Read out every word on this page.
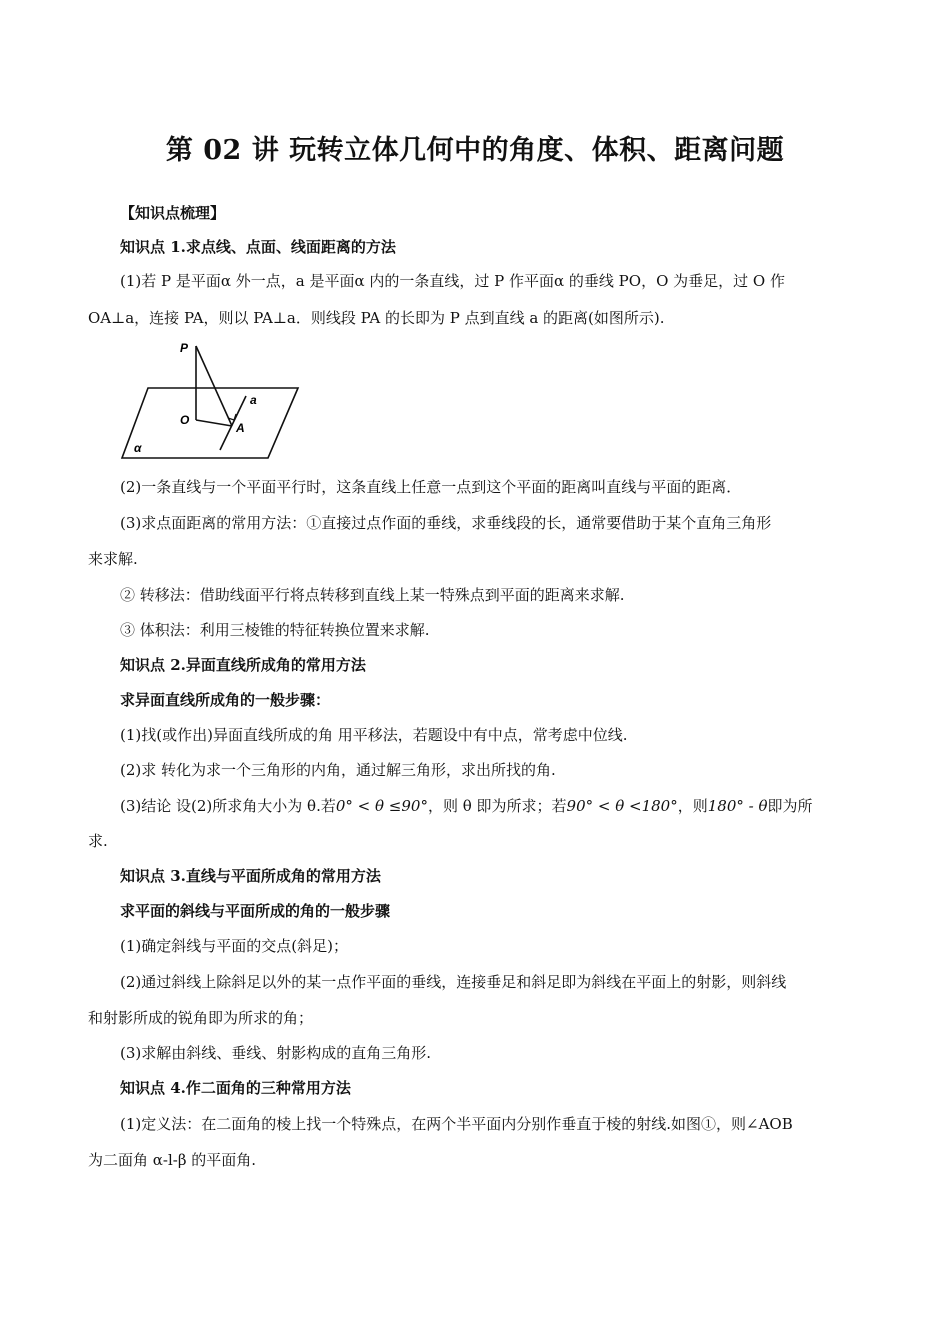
第 02 讲 玩转立体几何中的角度、体积、距离问题
【知识点梳理】
知识点 1.求点线、点面、线面距离的方法
(1)若 P 是平面α 外一点，a 是平面α 内的一条直线，过 P 作平面α 的垂线 PO，O 为垂足，过 O 作
OA⊥a，连接 PA，则以 PA⊥a．则线段 PA 的长即为 P 点到直线 a 的距离(如图所示).
P
O
A
a
α
(2)一条直线与一个平面平行时，这条直线上任意一点到这个平面的距离叫直线与平面的距离．
(3)求点面距离的常用方法：①直接过点作面的垂线，求垂线段的长，通常要借助于某个直角三角形
来求解.
② 转移法：借助线面平行将点转移到直线上某一特殊点到平面的距离来求解.
③ 体积法：利用三棱锥的特征转换位置来求解.
知识点 2.异面直线所成角的常用方法
求异面直线所成角的一般步骤：
(1)找(或作出)异面直线所成的角 用平移法，若题设中有中点，常考虑中位线.
(2)求 转化为求一个三角形的内角，通过解三角形，求出所找的角.
(3)结论 设(2)所求角大小为 θ.若0° < θ ≤90°，则 θ 即为所求；若90° < θ <180°，则180° - θ即为所
求.
知识点 3.直线与平面所成角的常用方法
求平面的斜线与平面所成的角的一般步骤
(1)确定斜线与平面的交点(斜足)；
(2)通过斜线上除斜足以外的某一点作平面的垂线，连接垂足和斜足即为斜线在平面上的射影，则斜线
和射影所成的锐角即为所求的角；
(3)求解由斜线、垂线、射影构成的直角三角形.
知识点 4.作二面角的三种常用方法
(1)定义法：在二面角的棱上找一个特殊点，在两个半平面内分别作垂直于棱的射线.如图①，则∠AOB
为二面角 α-l-β 的平面角.
